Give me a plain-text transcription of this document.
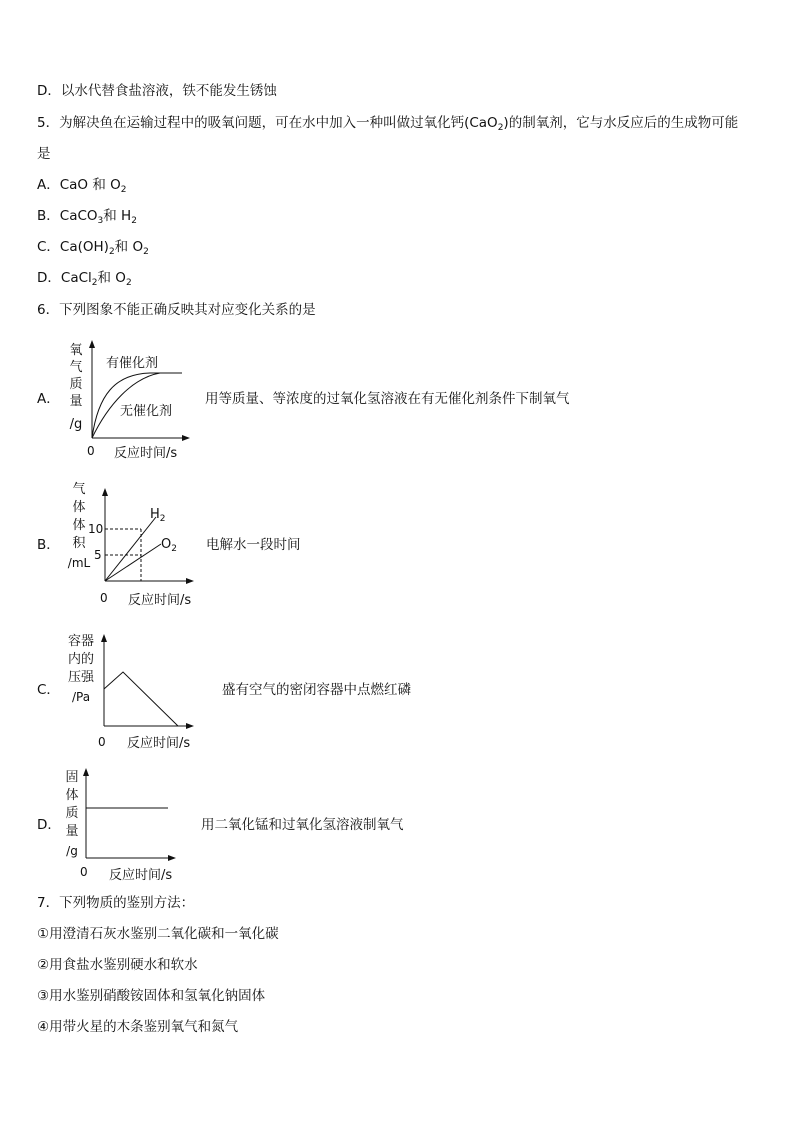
D．以水代替食盐溶液，铁不能发生锈蚀
5．为解决鱼在运输过程中的吸氧问题，可在水中加入一种叫做过氧化钙(CaO$_2$)的制氧剂，它与水反应后的生成物可能
是
A．CaO 和 $O_2$
B．CaCO$_3$和 $H_2$
C．$Ca(OH)_2$和 $O_2$
D．CaCl$_2$和 $O_2$
6．下列图象不能正确反映其对应变化关系的是
A．
氧
气
质
量
/g
有催化剂
无催化剂
0 反应时间/s
用等质量、等浓度的过氧化氢溶液在有无催化剂条件下制氧气
B．
气
体
体
积
/mL
10
5
$H_2$
$O_2$
0 反应时间/s
电解水一段时间
C．
容器
内的
压强
/Pa
0 反应时间/s
盛有空气的密闭容器中点燃红磷
D．
固
体
质
量
/g
0 反应时间/s
用二氧化锰和过氧化氢溶液制氧气
7．下列物质的鉴别方法：
①用澄清石灰水鉴别二氧化碳和一氧化碳
②用食盐水鉴别硬水和软水
③用水鉴别硝酸铵固体和氢氧化钠固体
④用带火星的木条鉴别氧气和氮气
